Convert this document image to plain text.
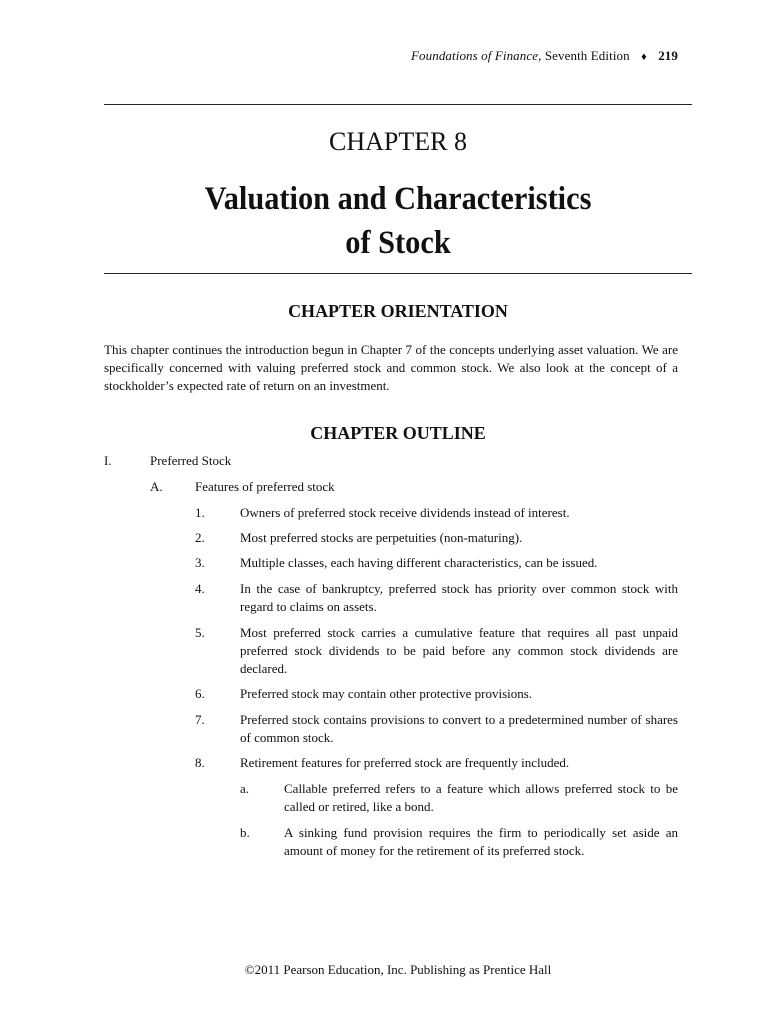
Foundations of Finance, Seventh Edition ♦ 219
CHAPTER 8
Valuation and Characteristics
of Stock
CHAPTER ORIENTATION
This chapter continues the introduction begun in Chapter 7 of the concepts underlying asset valuation. We are specifically concerned with valuing preferred stock and common stock. We also look at the concept of a stockholder’s expected rate of return on an investment.
CHAPTER OUTLINE
I.	Preferred Stock
A. Features of preferred stock
1.	Owners of preferred stock receive dividends instead of interest.
2.	Most preferred stocks are perpetuities (non-maturing).
3.	Multiple classes, each having different characteristics, can be issued.
4.	In the case of bankruptcy, preferred stock has priority over common stock with regard to claims on assets.
5.	Most preferred stock carries a cumulative feature that requires all past unpaid preferred stock dividends to be paid before any common stock dividends are declared.
6.	Preferred stock may contain other protective provisions.
7.	Preferred stock contains provisions to convert to a predetermined number of shares of common stock.
8.	Retirement features for preferred stock are frequently included.
a.	Callable preferred refers to a feature which allows preferred stock to be called or retired, like a bond.
b.	A sinking fund provision requires the firm to periodically set aside an amount of money for the retirement of its preferred stock.
©2011 Pearson Education, Inc. Publishing as Prentice Hall
